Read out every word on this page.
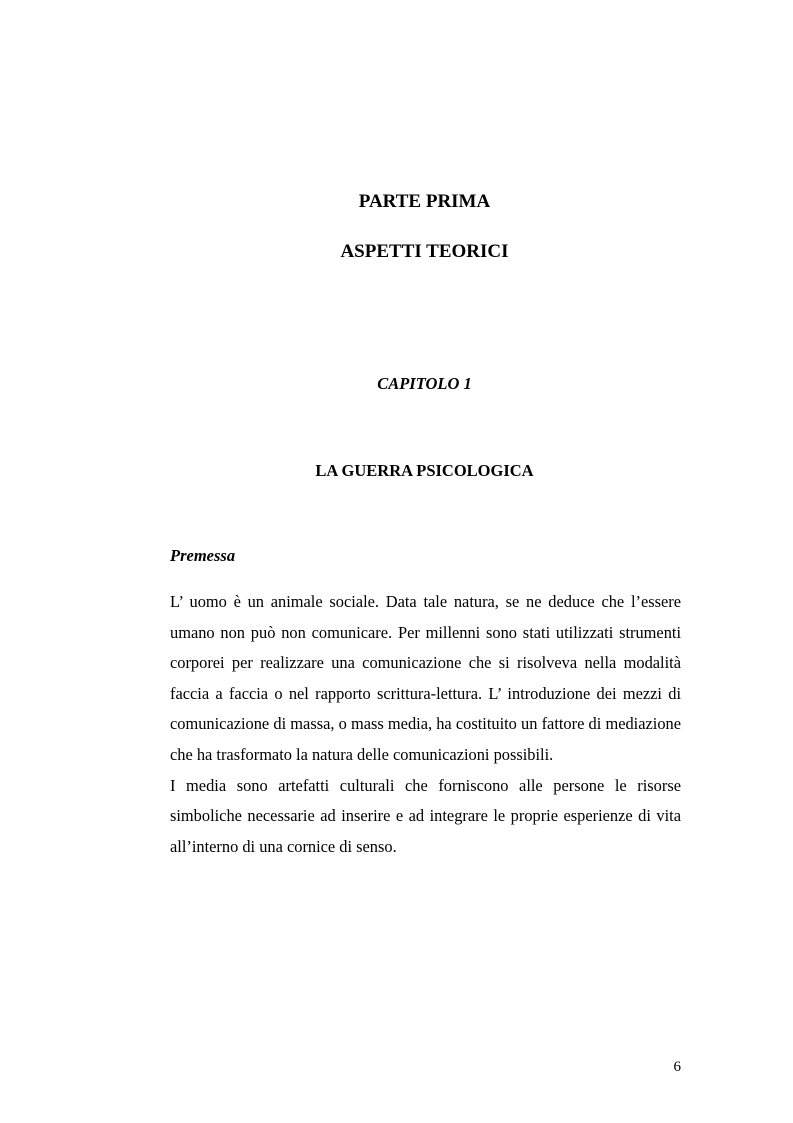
PARTE PRIMA
ASPETTI TEORICI
CAPITOLO 1
LA GUERRA PSICOLOGICA
Premessa

L’ uomo è un animale sociale. Data tale natura, se ne deduce che l’essere umano non può non comunicare. Per millenni sono stati utilizzati strumenti corporei per realizzare una comunicazione che si risolveva nella modalità faccia a faccia o nel rapporto scrittura-lettura. L’ introduzione dei mezzi di comunicazione di massa, o mass media, ha costituito un fattore di mediazione che ha trasformato la natura delle comunicazioni possibili.

I media sono artefatti culturali che forniscono alle persone le risorse simboliche necessarie ad inserire e ad integrare le proprie esperienze di vita all’interno di una cornice di senso.

6
